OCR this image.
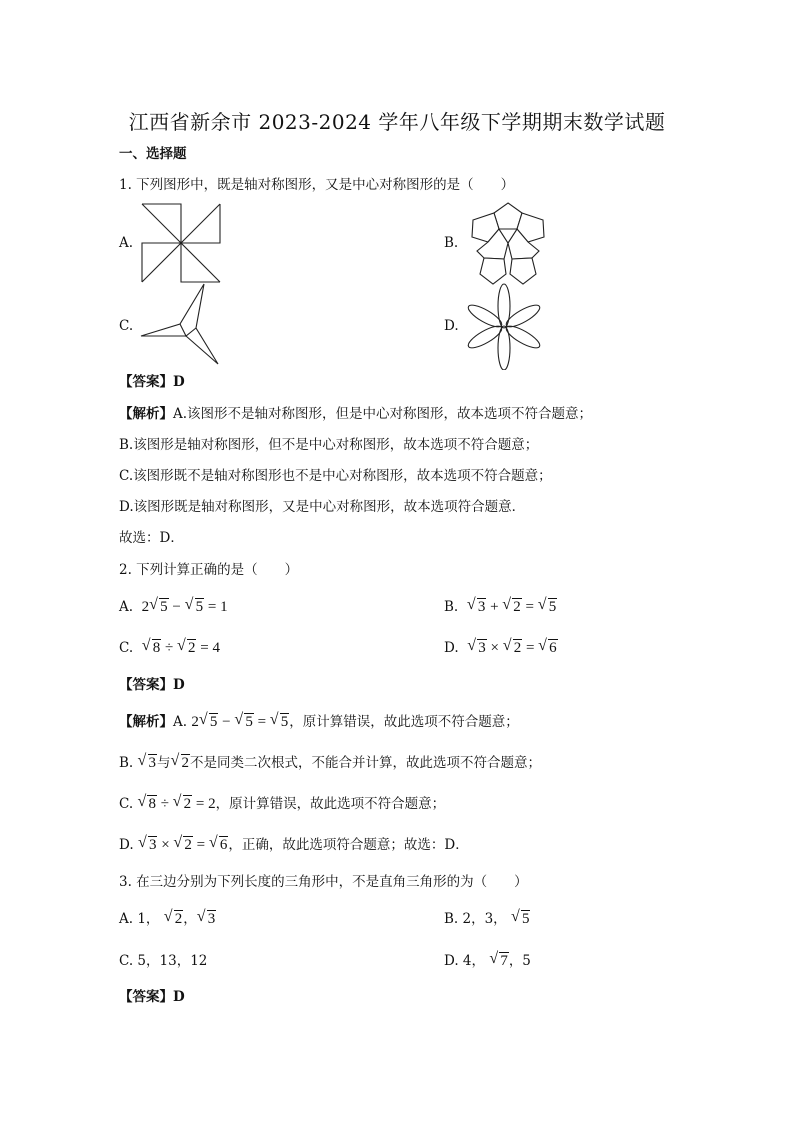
江西省新余市 2023-2024 学年八年级下学期期末数学试题
一、选择题
1. 下列图形中，既是轴对称图形，又是中心对称图形的是（　　）
A.	B.
C.	D.
【答案】D
【解析】A.该图形不是轴对称图形，但是中心对称图形，故本选项不符合题意；
B.该图形是轴对称图形，但不是中心对称图形，故本选项不符合题意；
C.该图形既不是轴对称图形也不是中心对称图形，故本选项不符合题意；
D.该图形既是轴对称图形，又是中心对称图形，故本选项符合题意．
故选：D．
2. 下列计算正确的是（　　）
A. 2 √ 5 − √ 5 = 1	B. √ 3 + √ 2 = √ 5
C. √ 8 ÷ √ 2 = 4	D. √ 3 × √ 2 = √ 6
【答案】D
【解析】A. 2 √ 5 − √ 5 = √ 5，原计算错误，故此选项不符合题意；
B. √ 3与 √ 2不是同类二次根式，不能合并计算，故此选项不符合题意；
C. √ 8 ÷ √ 2 = 2，原计算错误，故此选项不符合题意；
D. √ 3 × √ 2 = √ 6，正确，故此选项符合题意；故选：D．
3. 在三边分别为下列长度的三角形中，不是直角三角形的为（　　）
A. 1， √ 2， √ 3	B. 2，3， √ 5
C. 5，13，12	D. 4， √ 7，5
【答案】D
